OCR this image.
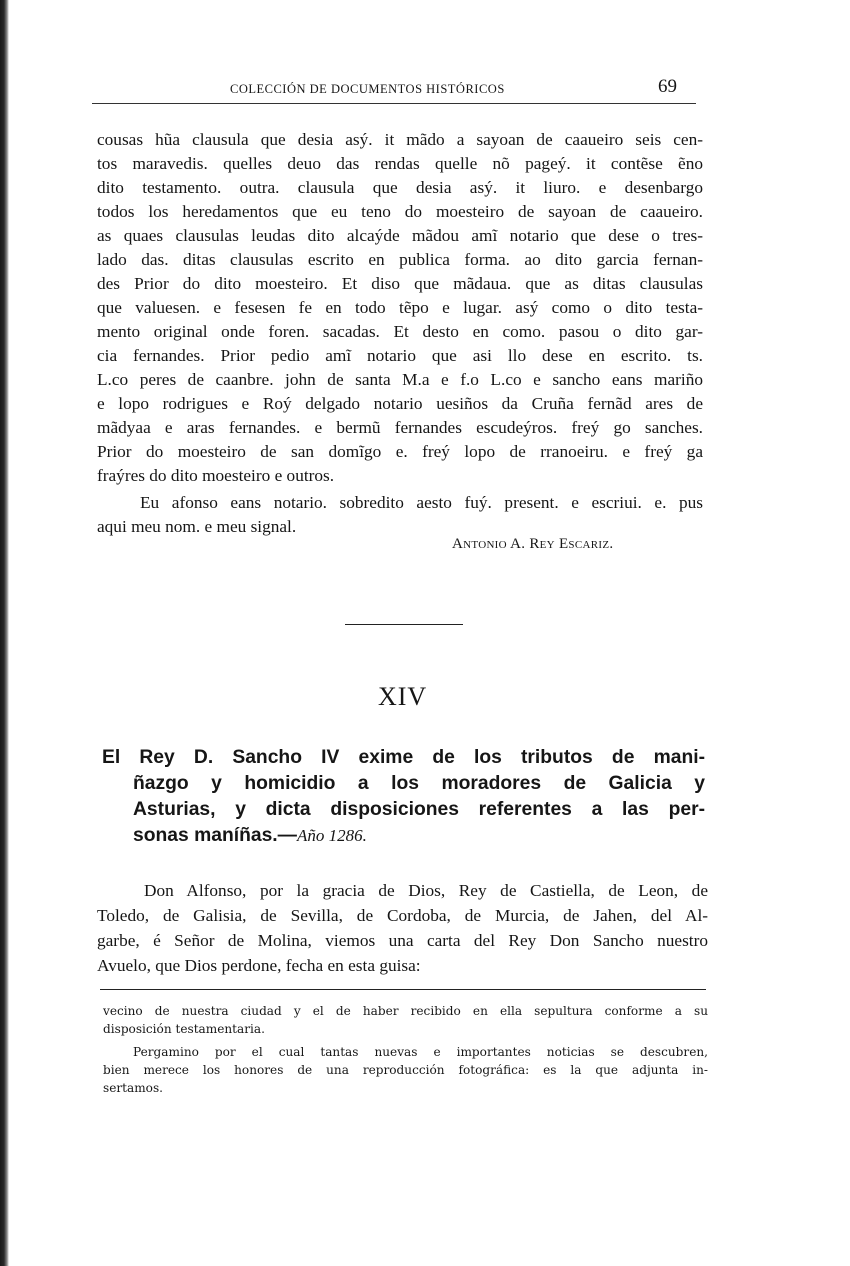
COLECCIÓN DE DOCUMENTOS HISTÓRICOS	69
cousas hũa clausula que desia asý. it mãdo a sayoan de caaueiro seis cen-
tos maravedis. quelles deuo das rendas quelle nõ pageý. it contẽse ẽno
dito testamento. outra. clausula que desia asý. it liuro. e desenbargo
todos los heredamentos que eu teno do moesteiro de sayoan de caaueiro.
as quaes clausulas leudas dito alcaýde mãdou amĩ notario que dese o tres-
lado das. ditas clausulas escrito en publica forma. ao dito garcia fernan-
des Prior do dito moesteiro. Et diso que mãdaua. que as ditas clausulas
que valuesen. e fesesen fe en todo tẽpo e lugar. asý como o dito testa-
mento original onde foren. sacadas. Et desto en como. pasou o dito gar-
cia fernandes. Prior pedio amĩ notario que asi llo dese en escrito. ts.
L.co peres de caanbre. john de santa M.a e f.o L.co e sancho eans mariño
e lopo rodrigues e Roý delgado notario uesiños da Cruña fernãd ares de
mãdyaa e aras fernandes. e bermũ fernandes escudeýros. freý go sanches.
Prior do moesteiro de san domĩgo e. freý lopo de rranoeiru. e freý ga
fraýres do dito moesteiro e outros.
Eu afonso eans notario. sobredito aesto fuý. present. e escriui. e. pus
aqui meu nom. e meu signal.
Antonio A. Rey Escariz.
XIV
El Rey D. Sancho IV exime de los tributos de mani-
ñazgo y homicidio a los moradores de Galicia y
Asturias, y dicta disposiciones referentes a las per-
sonas maníñas.—Año 1286.
Don Alfonso, por la gracia de Dios, Rey de Castiella, de Leon, de
Toledo, de Galisia, de Sevilla, de Cordoba, de Murcia, de Jahen, del Al-
garbe, é Señor de Molina, viemos una carta del Rey Don Sancho nuestro
Avuelo, que Dios perdone, fecha en esta guisa:
vecino de nuestra ciudad y el de haber recibido en ella sepultura conforme a su
disposición testamentaria.
Pergamino por el cual tantas nuevas e importantes noticias se descubren,
bien merece los honores de una reproducción fotográfica: es la que adjunta in-
sertamos.
